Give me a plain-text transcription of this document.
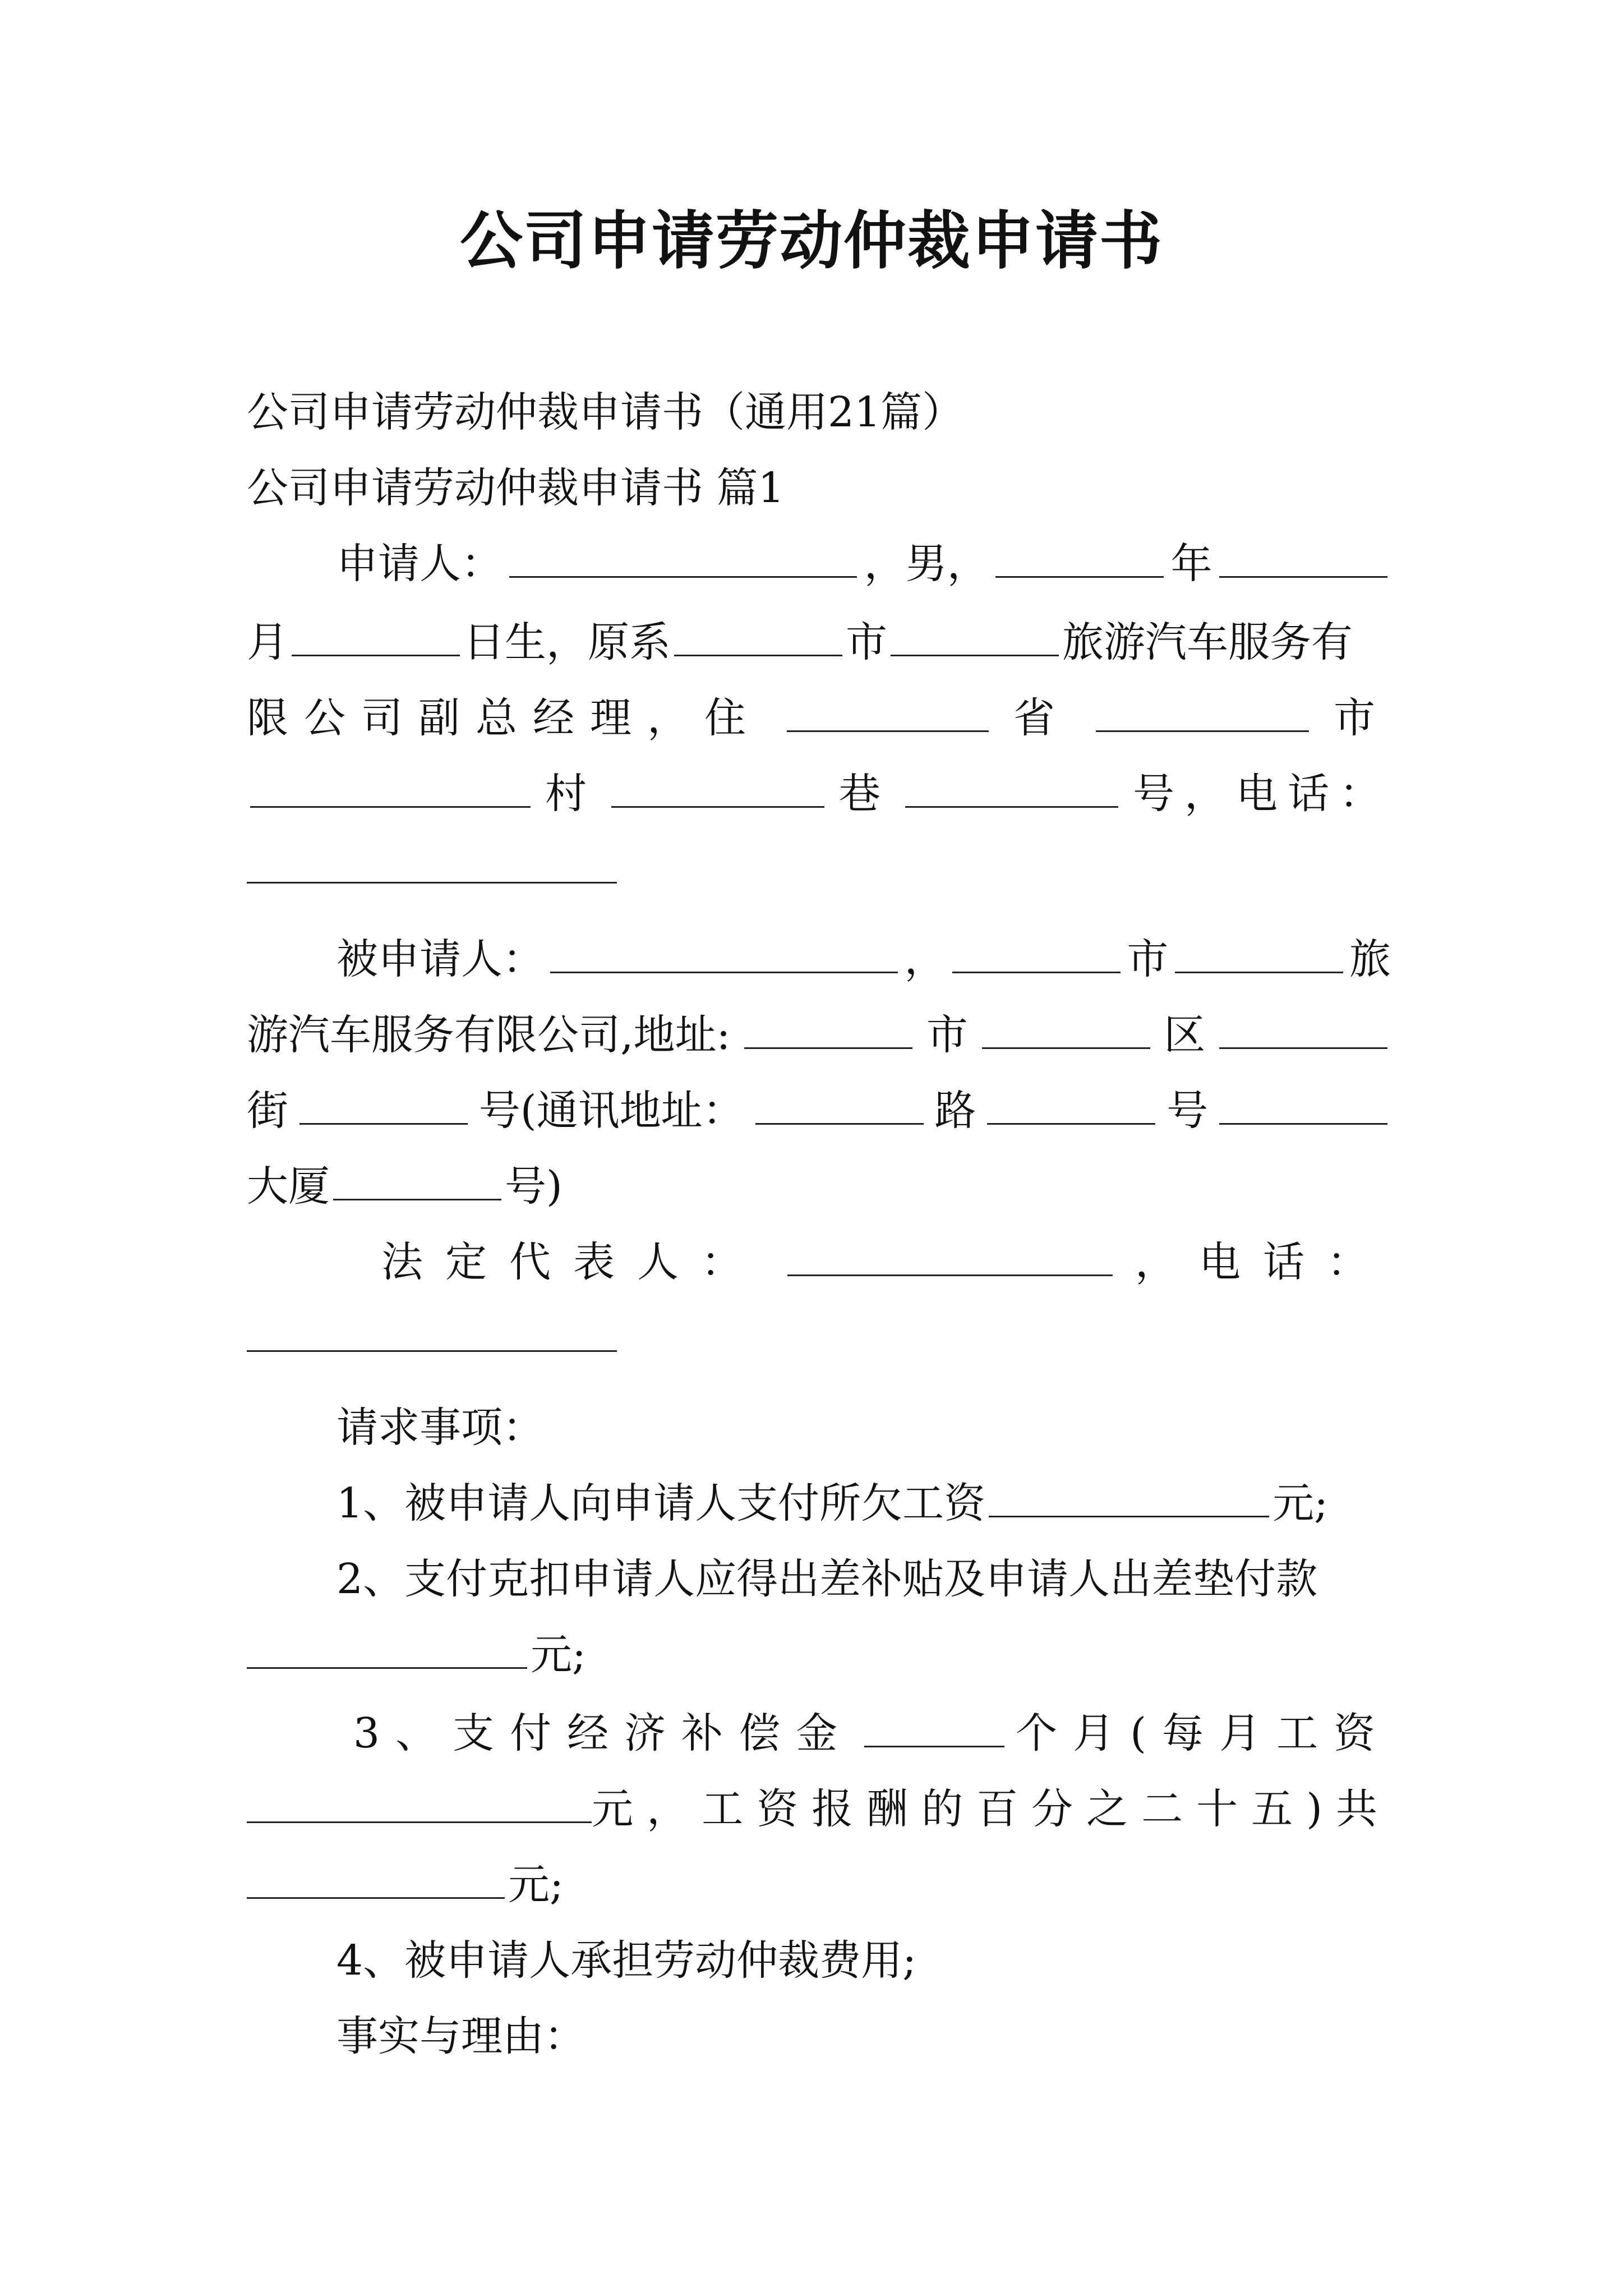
公司申请劳动仲裁申请书
公司申请劳动仲裁申请书（通用21篇）
公司申请劳动仲裁申请书 篇1
申请人：	，男，	年
月	日生，原系	市	旅游汽车服务有
限公司副总经理，住	省	市
村	巷	号，电话：
被申请人：	，	市	旅
游汽车服务有限公司,地址:	市	区
街	号(通讯地址：	路	号
大厦	号)
法定代表人：	，电话：
请求事项：
1、被申请人向申请人支付所欠工资	元;
2、支付克扣申请人应得出差补贴及申请人出差垫付款
元;
3、支付经济补偿金	个月(每月工资
元，工资报酬的百分之二十五)共
元;
4、被申请人承担劳动仲裁费用;
事实与理由：
